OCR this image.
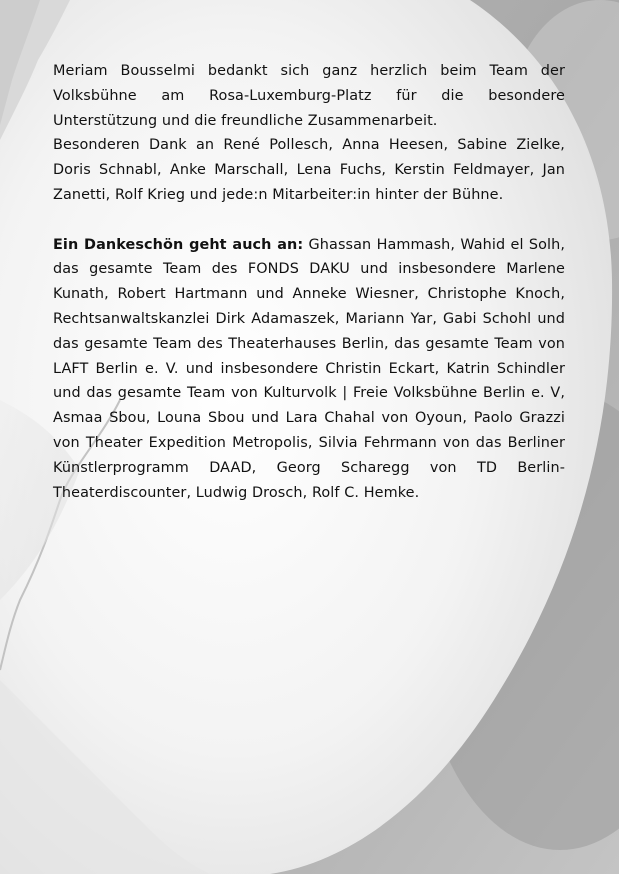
Meriam Bousselmi bedankt sich ganz herzlich beim Team der Volksbühne am Rosa-Luxemburg-Platz für die besondere Unterstützung und die freundliche Zusammenarbeit.

Besonderen Dank an René Pollesch, Anna Heesen, Sabine Zielke, Doris Schnabl, Anke Marschall, Lena Fuchs, Kerstin Feldmayer, Jan Zanetti, Rolf Krieg und jede:n Mitarbeiter:in hinter der Bühne.

Ein Dankeschön geht auch an: Ghassan Hammash, Wahid el Solh, das gesamte Team des FONDS DAKU und insbesondere Marlene Kunath, Robert Hartmann und Anneke Wiesner, Christophe Knoch, Rechtsanwaltskanzlei Dirk Adamaszek, Mariann Yar, Gabi Schohl und das gesamte Team des Theaterhauses Berlin, das gesamte Team von LAFT Berlin e. V. und insbesondere Christin Eckart, Katrin Schindler und das gesamte Team von Kulturvolk | Freie Volksbühne Berlin e. V, Asmaa Sbou, Louna Sbou und Lara Chahal von Oyoun, Paolo Grazzi von Theater Expedition Metropolis, Silvia Fehrmann von das Berliner Künstlerprogramm DAAD, Georg Scharegg von TD Berlin-Theaterdiscounter, Ludwig Drosch, Rolf C. Hemke.
